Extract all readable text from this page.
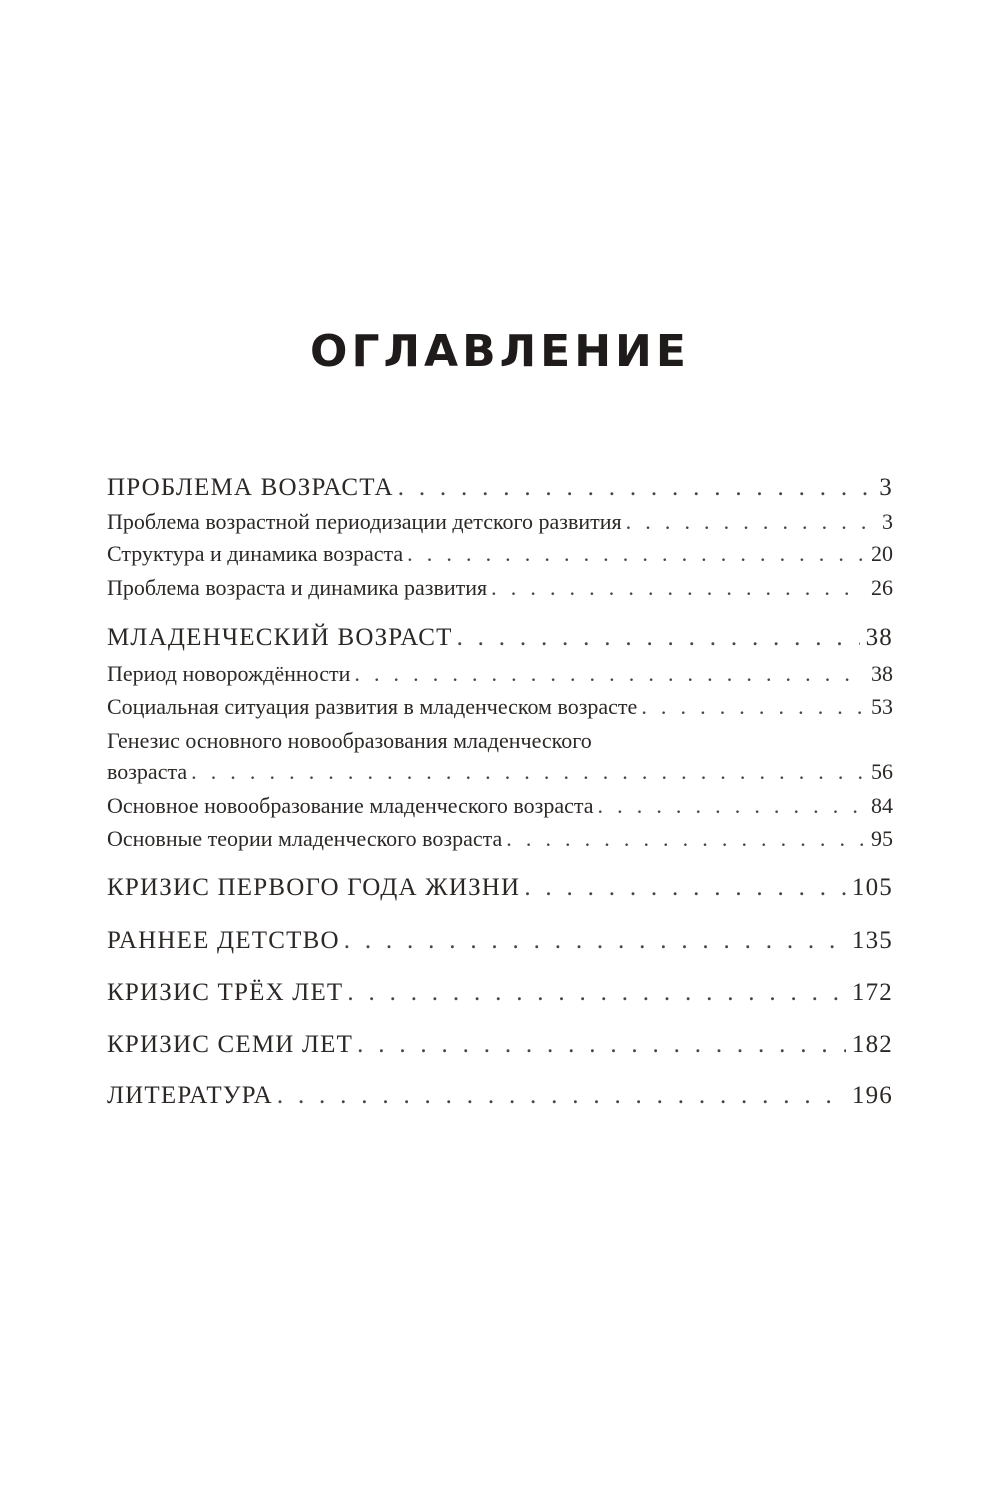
ОГЛАВЛЕНИЕ
ПРОБЛЕМА ВОЗРАСТА . . .	3
Проблема возрастной периодизации детского развития . . .	3
Структура и динамика возраста . . .	20
Проблема возраста и динамика развития . . .	26
МЛАДЕНЧЕСКИЙ ВОЗРАСТ . . .	38
Период новорождённости . . .	38
Социальная ситуация развития в младенческом возрасте . . .	53
Генезис основного новообразования младенческого
возраста . . .	56
Основное новообразование младенческого возраста . . .	84
Основные теории младенческого возраста . . .	95
КРИЗИС ПЕРВОГО ГОДА ЖИЗНИ . . .	105
РАННЕЕ ДЕТСТВО . . .	135
КРИЗИС ТРЁХ ЛЕТ . . .	172
КРИЗИС СЕМИ ЛЕТ . . .	182
ЛИТЕРАТУРА . . .	196
